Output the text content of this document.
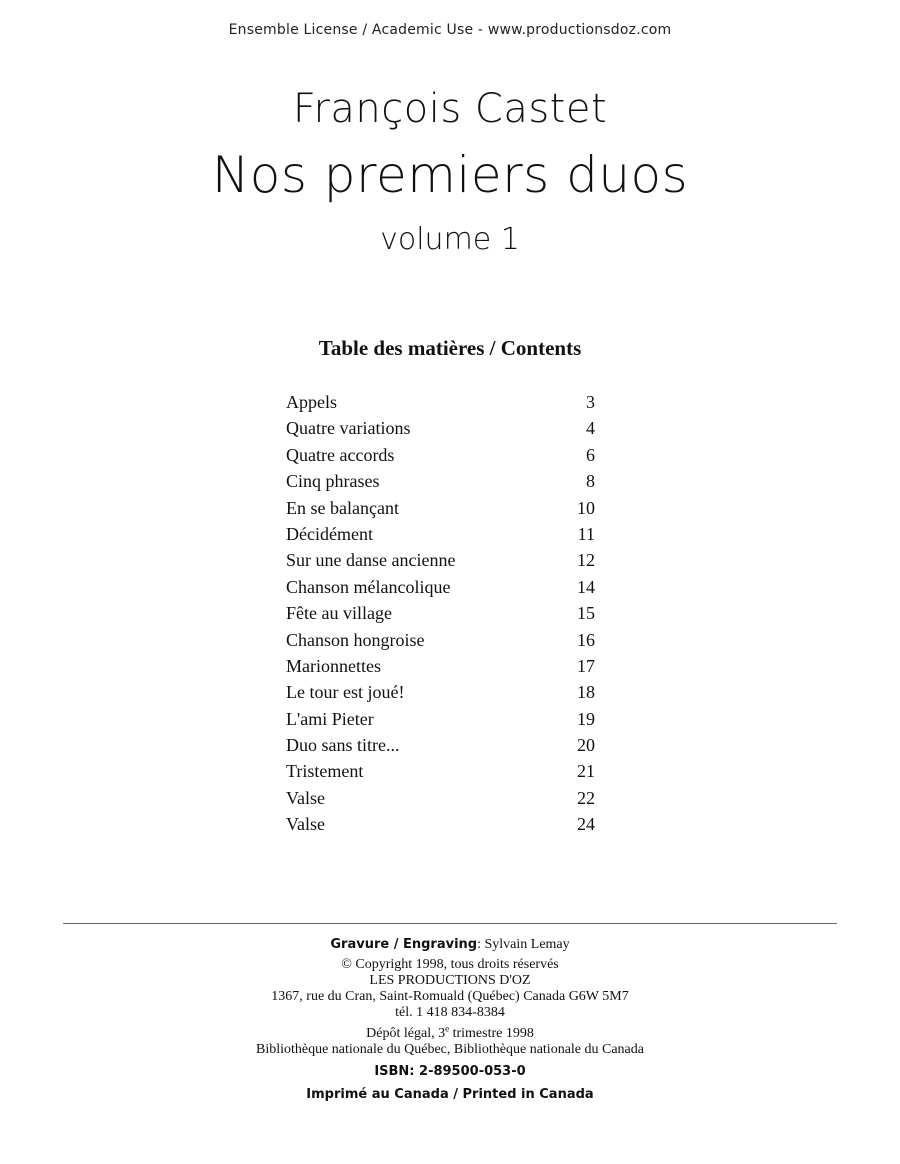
Ensemble License / Academic Use - www.productionsdoz.com
François Castet
Nos premiers duos
volume 1
Table des matières / Contents
Appels	3
Quatre variations	4
Quatre accords	6
Cinq phrases	8
En se balançant	10
Décidément	11
Sur une danse ancienne	12
Chanson mélancolique	14
Fête au village	15
Chanson hongroise	16
Marionnettes	17
Le tour est joué!	18
L'ami Pieter	19
Duo sans titre...	20
Tristement	21
Valse	22
Valse	24
Gravure / Engraving: Sylvain Lemay
© Copyright 1998, tous droits réservés
LES PRODUCTIONS D'OZ
1367, rue du Cran, Saint-Romuald (Québec) Canada G6W 5M7
tél. 1 418 834-8384
Dépôt légal, 3e trimestre 1998
Bibliothèque nationale du Québec, Bibliothèque nationale du Canada
ISBN: 2-89500-053-0
Imprimé au Canada / Printed in Canada
